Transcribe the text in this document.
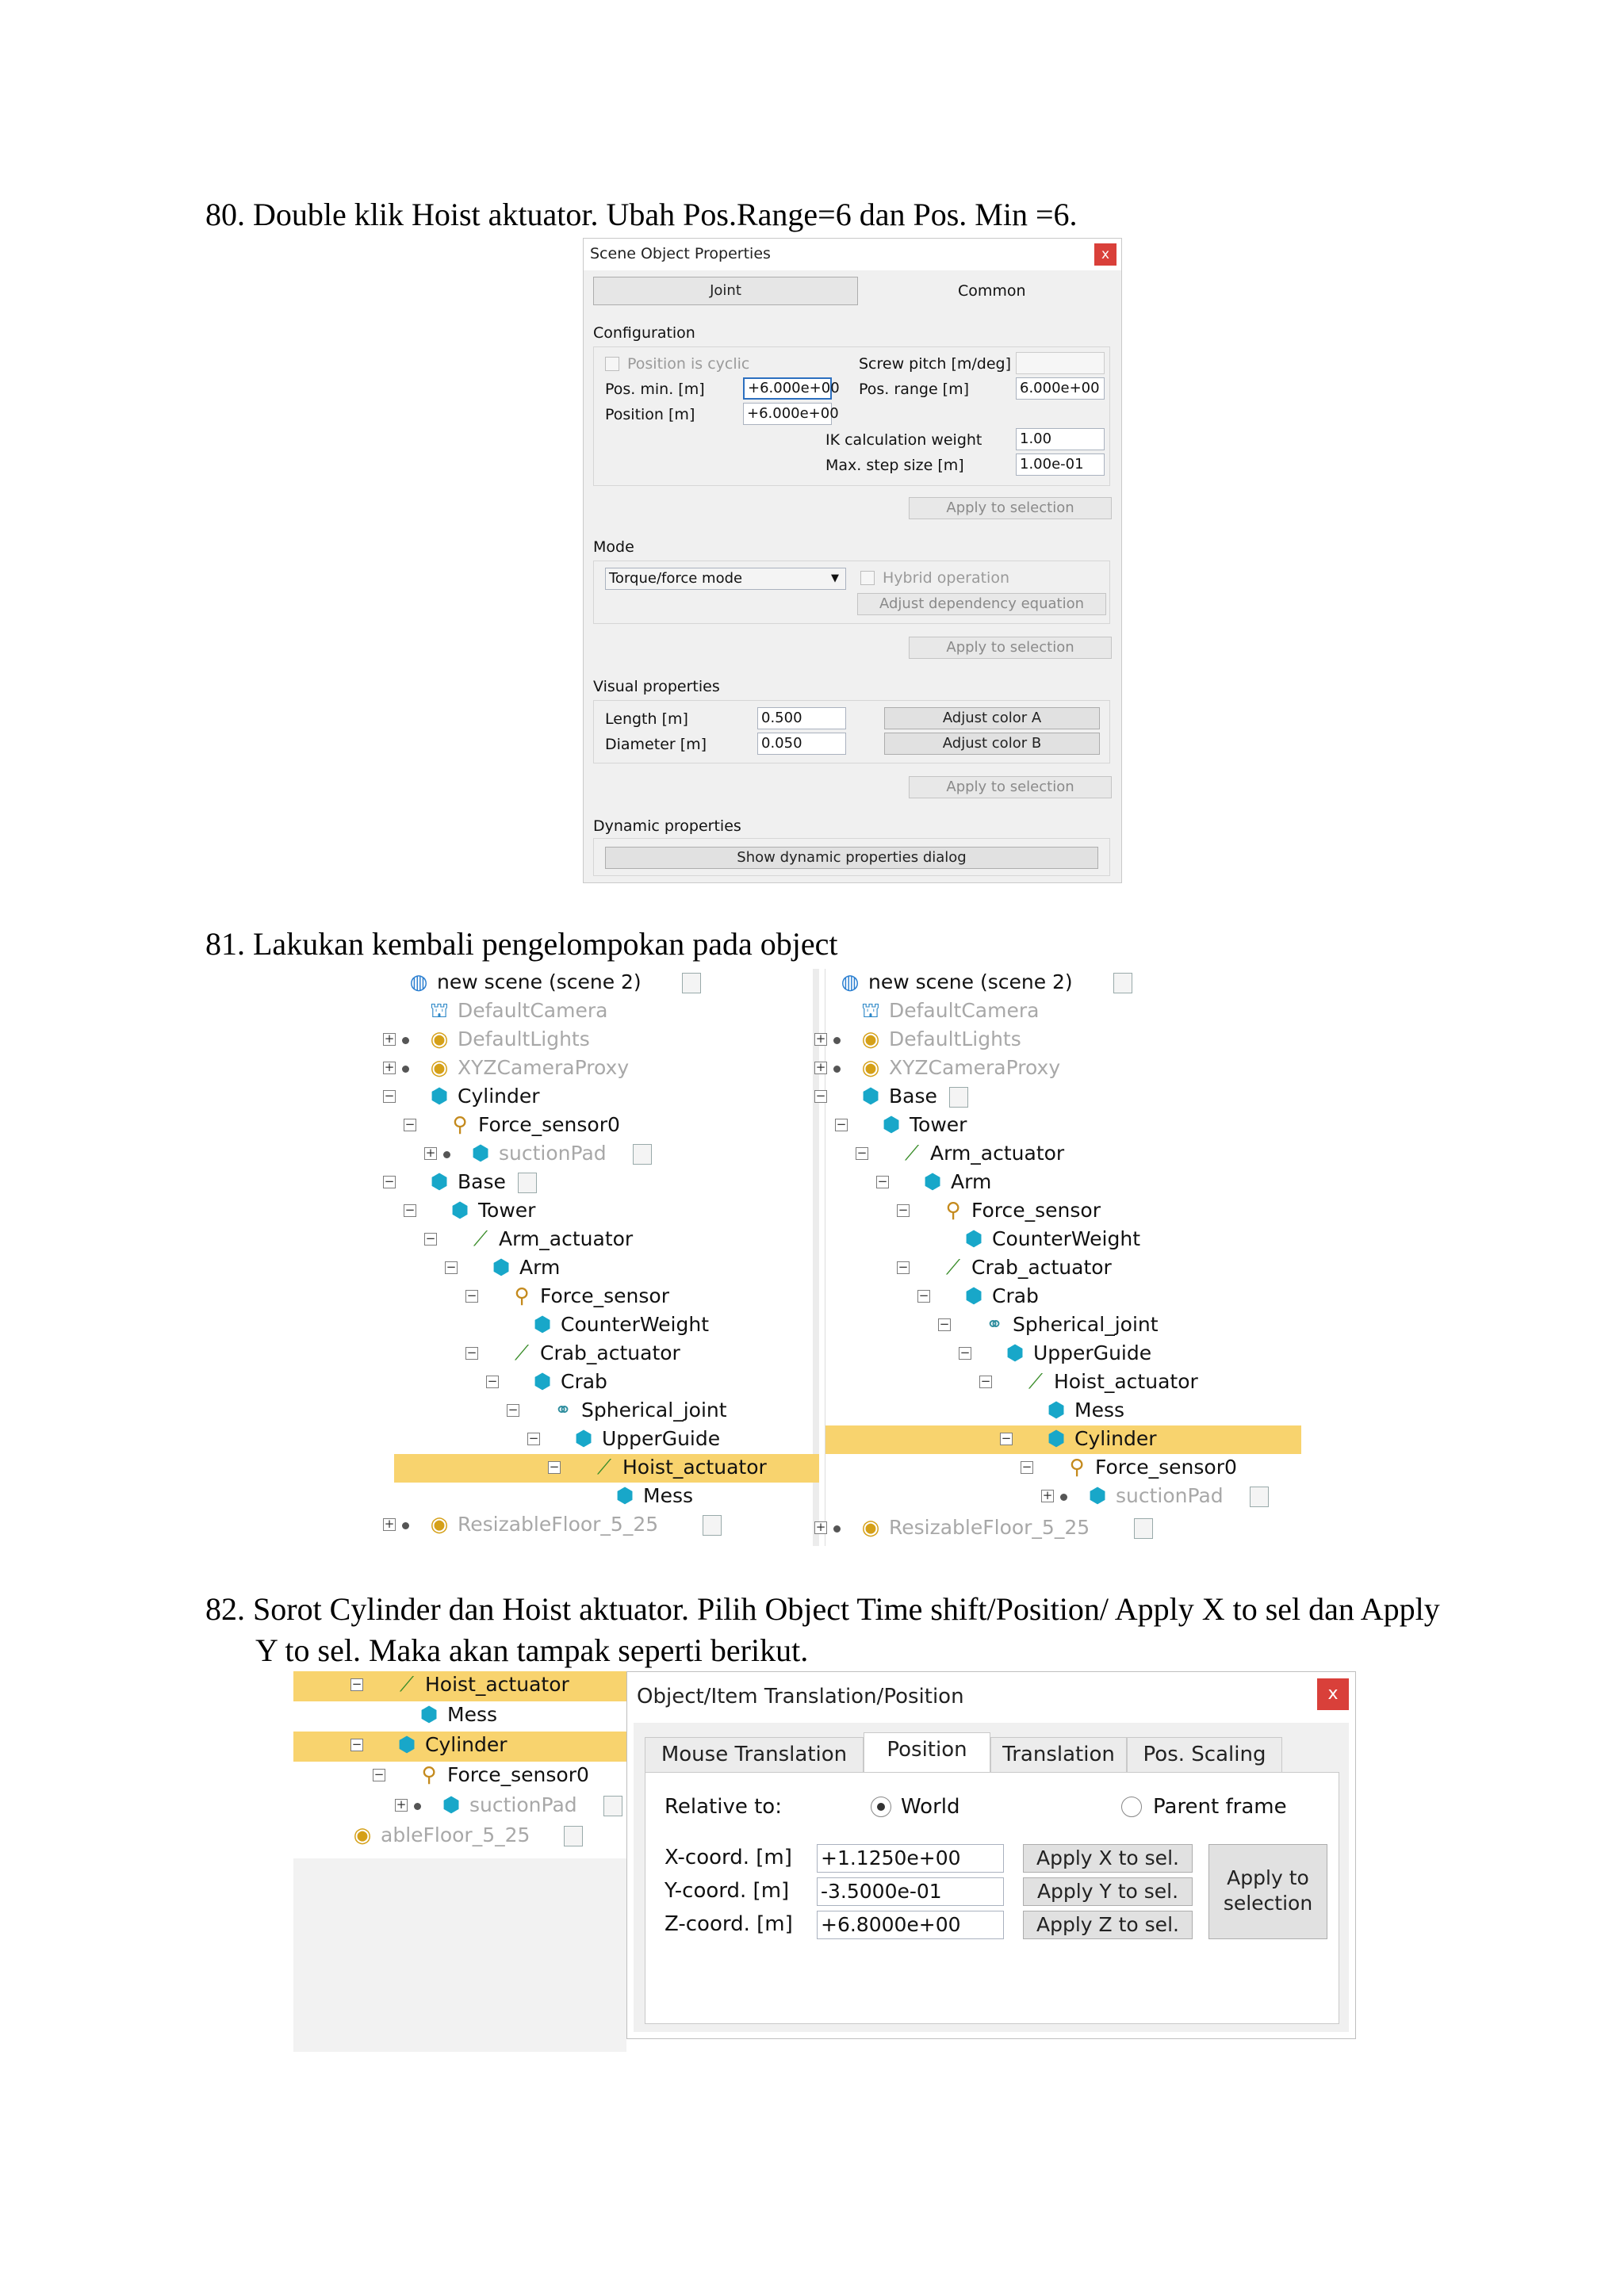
80. Double klik Hoist aktuator. Ubah Pos.Range=6 dan Pos. Min =6.
Scene Object Properties	x
Joint	Common
Configuration
Position is cyclic	Screw pitch [m/deg]
Pos. min. [m]	+6.000e+00 Pos. range [m]	6.000e+00
Position [m]	+6.000e+00
IK calculation weight	1.00
Max. step size [m]	1.00e-01
Apply to selection
Mode
Torque/force mode	▼	Hybrid operation
Adjust dependency equation
Apply to selection
Visual properties
Length [m]	0.500	Adjust color A
Diameter [m]	0.050	Adjust color B
Apply to selection
Dynamic properties
Show dynamic properties dialog
81. Lakukan kembali pengelompokan pada object
◍ new scene (scene 2)
⛫ DefaultCamera
+ ◉ DefaultLights
+ ◉ XYZCameraProxy
− ⬢ Cylinder
− ⚲ Force_sensor0
+ ⬢ suctionPad
− ⬢ Base
− ⬢ Tower
− ⟋ Arm_actuator
− ⬢ Arm
− ⚲ Force_sensor
⬢ CounterWeight
− ⟋ Crab_actuator
− ⬢ Crab
− ⚭ Spherical_joint
− ⬢ UpperGuide
− ⟋ Hoist_actuator
⬢ Mess
+ ◉ ResizableFloor_5_25
◍ new scene (scene 2)
⛫ DefaultCamera
+ ◉ DefaultLights
+ ◉ XYZCameraProxy
− ⬢ Base
− ⬢ Tower
− ⟋ Arm_actuator
− ⬢ Arm
− ⚲ Force_sensor
⬢ CounterWeight
− ⟋ Crab_actuator
− ⬢ Crab
− ⚭ Spherical_joint
− ⬢ UpperGuide
− ⟋ Hoist_actuator
⬢ Mess
− ⬢ Cylinder
− ⚲ Force_sensor0
+ ⬢ suctionPad
+ ◉ ResizableFloor_5_25
82. Sorot Cylinder dan Hoist aktuator. Pilih Object Time shift/Position/ Apply X to sel dan Apply
Y to sel. Maka akan tampak seperti berikut.
− ⟋ Hoist_actuator
⬢ Mess
− ⬢ Cylinder
− ⚲ Force_sensor0
+ ⬢ suctionPad
◉ ableFloor_5_25
Object/Item Translation/Position	x
Mouse Translation	Position	Translation	Pos. Scaling
Relative to:	World	Parent frame
X-coord. [m] +1.1250e+00	Apply X to sel.
Y-coord. [m] -3.5000e-01	Apply Y to sel.
Z-coord. [m] +6.8000e+00	Apply Z to sel.
Apply to
selection
